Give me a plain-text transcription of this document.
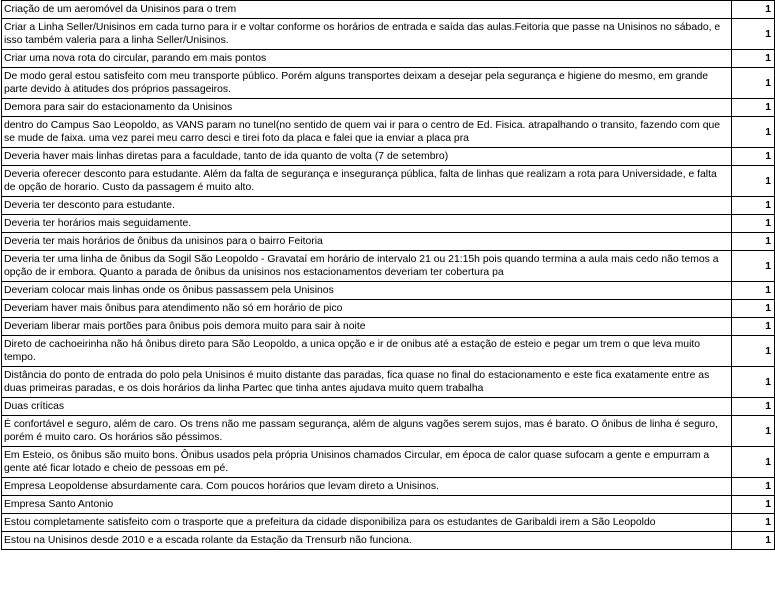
Criação de um aeromóvel da Unisinos para o trem	1
Criar a Linha Seller/Unisinos em cada turno para ir e voltar conforme os horários de entrada e saída das aulas.Feitoria que passe na Unisinos no sábado, e isso também valeria para a linha Seller/Unisinos.	1
Criar uma nova rota do circular, parando em mais pontos	1
De modo geral estou satisfeito com meu transporte público. Porém alguns transportes deixam a desejar pela segurança e higiene do mesmo, em grande parte devido à atitudes dos próprios passageiros.	1
Demora para sair do estacionamento da Unisinos	1
dentro do Campus Sao Leopoldo, as VANS param no tunel(no sentido de quem vai ir para o centro de Ed. Fisica. atrapalhando o transito, fazendo com que se mude de faixa. uma vez parei meu carro desci e tirei foto da placa e falei que ia enviar a placa pra	1
Deveria haver mais linhas diretas para a faculdade, tanto de ida quanto de volta (7 de setembro)	1
Deveria oferecer desconto para estudante. Além da falta de segurança e insegurança pública, falta de linhas que realizam a rota para Universidade, e falta de opção de horario. Custo da passagem é muito alto.	1
Deveria ter desconto para estudante.	1
Deveria ter horários mais seguidamente.	1
Deveria ter mais horários de ônibus da unisinos para o bairro Feitoria	1
Deveria ter uma linha de ônibus da Sogil São Leopoldo - Gravataí em horário de intervalo 21 ou 21:15h pois quando termina a aula mais cedo não temos a opção de ir embora. Quanto a parada de ônibus da unisinos nos estacionamentos deveriam ter cobertura pa	1
Deveriam colocar mais linhas onde os ônibus passassem pela Unisinos	1
Deveriam haver mais ônibus para atendimento não só em horário de pico	1
Deveriam liberar mais portões para ônibus pois demora muito para sair à noite	1
Direto de cachoeirinha não há ônibus direto para São Leopoldo, a unica opção e ir de onibus até a estação de esteio e pegar um trem o que leva muito tempo.	1
Distância do ponto de entrada do polo pela Unisinos é muito distante das paradas, fica quase no final do estacionamento e este fica exatamente entre as duas primeiras paradas, e os dois horários da linha Partec que tinha antes ajudava muito quem trabalha	1
Duas críticas	1
É confortável e seguro, além de caro. Os trens não me passam segurança, além de alguns vagões serem sujos, mas é barato. O ônibus de linha é seguro, porém é muito caro. Os horários são péssimos.	1
Em Esteio, os ônibus são muito bons. Ônibus usados pela própria Unisinos chamados Circular, em época de calor quase sufocam a gente e empurram a gente até ficar lotado e cheio de pessoas em pé.	1
Empresa Leopoldense absurdamente cara. Com poucos horários que levam direto a Unisinos.	1
Empresa Santo Antonio	1
Estou completamente satisfeito com o trasporte que a prefeitura da cidade disponibiliza para os estudantes de Garibaldi irem a São Leopoldo	1
Estou na Unisinos desde 2010 e a escada rolante da Estação da Trensurb não funciona.	1
